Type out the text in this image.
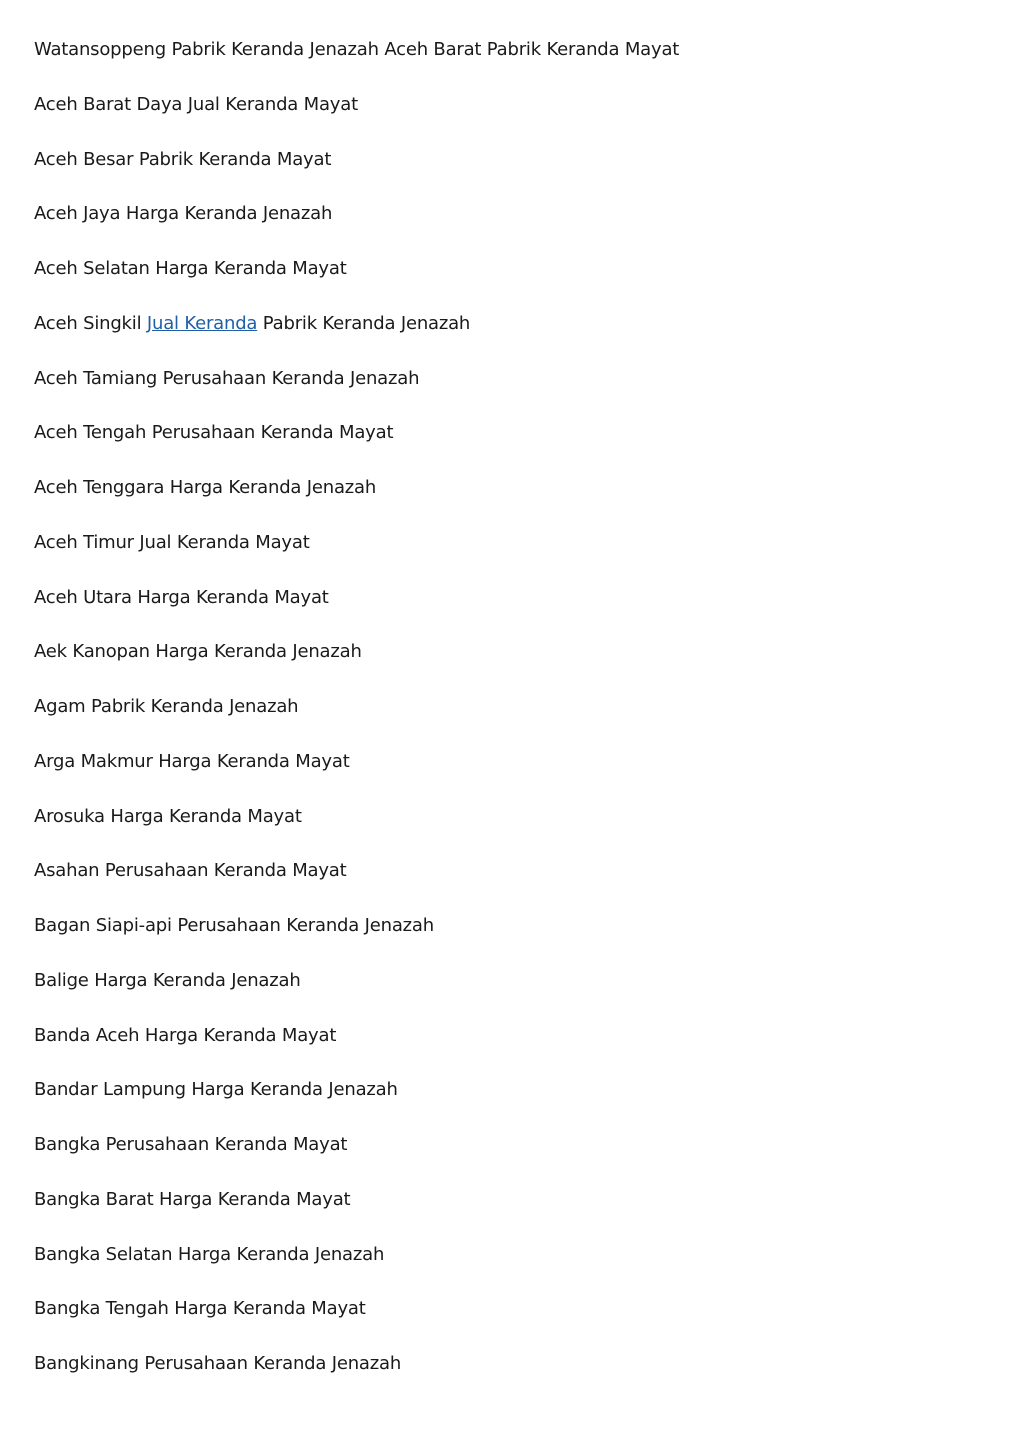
Watansoppeng Pabrik Keranda Jenazah Aceh Barat Pabrik Keranda Mayat
Aceh Barat Daya Jual Keranda Mayat
Aceh Besar Pabrik Keranda Mayat
Aceh Jaya Harga Keranda Jenazah
Aceh Selatan Harga Keranda Mayat
Aceh Singkil Jual Keranda Pabrik Keranda Jenazah
Aceh Tamiang Perusahaan Keranda Jenazah
Aceh Tengah Perusahaan Keranda Mayat
Aceh Tenggara Harga Keranda Jenazah
Aceh Timur Jual Keranda Mayat
Aceh Utara Harga Keranda Mayat
Aek Kanopan Harga Keranda Jenazah
Agam Pabrik Keranda Jenazah
Arga Makmur Harga Keranda Mayat
Arosuka Harga Keranda Mayat
Asahan Perusahaan Keranda Mayat
Bagan Siapi-api Perusahaan Keranda Jenazah
Balige Harga Keranda Jenazah
Banda Aceh Harga Keranda Mayat
Bandar Lampung Harga Keranda Jenazah
Bangka Perusahaan Keranda Mayat
Bangka Barat Harga Keranda Mayat
Bangka Selatan Harga Keranda Jenazah
Bangka Tengah Harga Keranda Mayat
Bangkinang Perusahaan Keranda Jenazah
